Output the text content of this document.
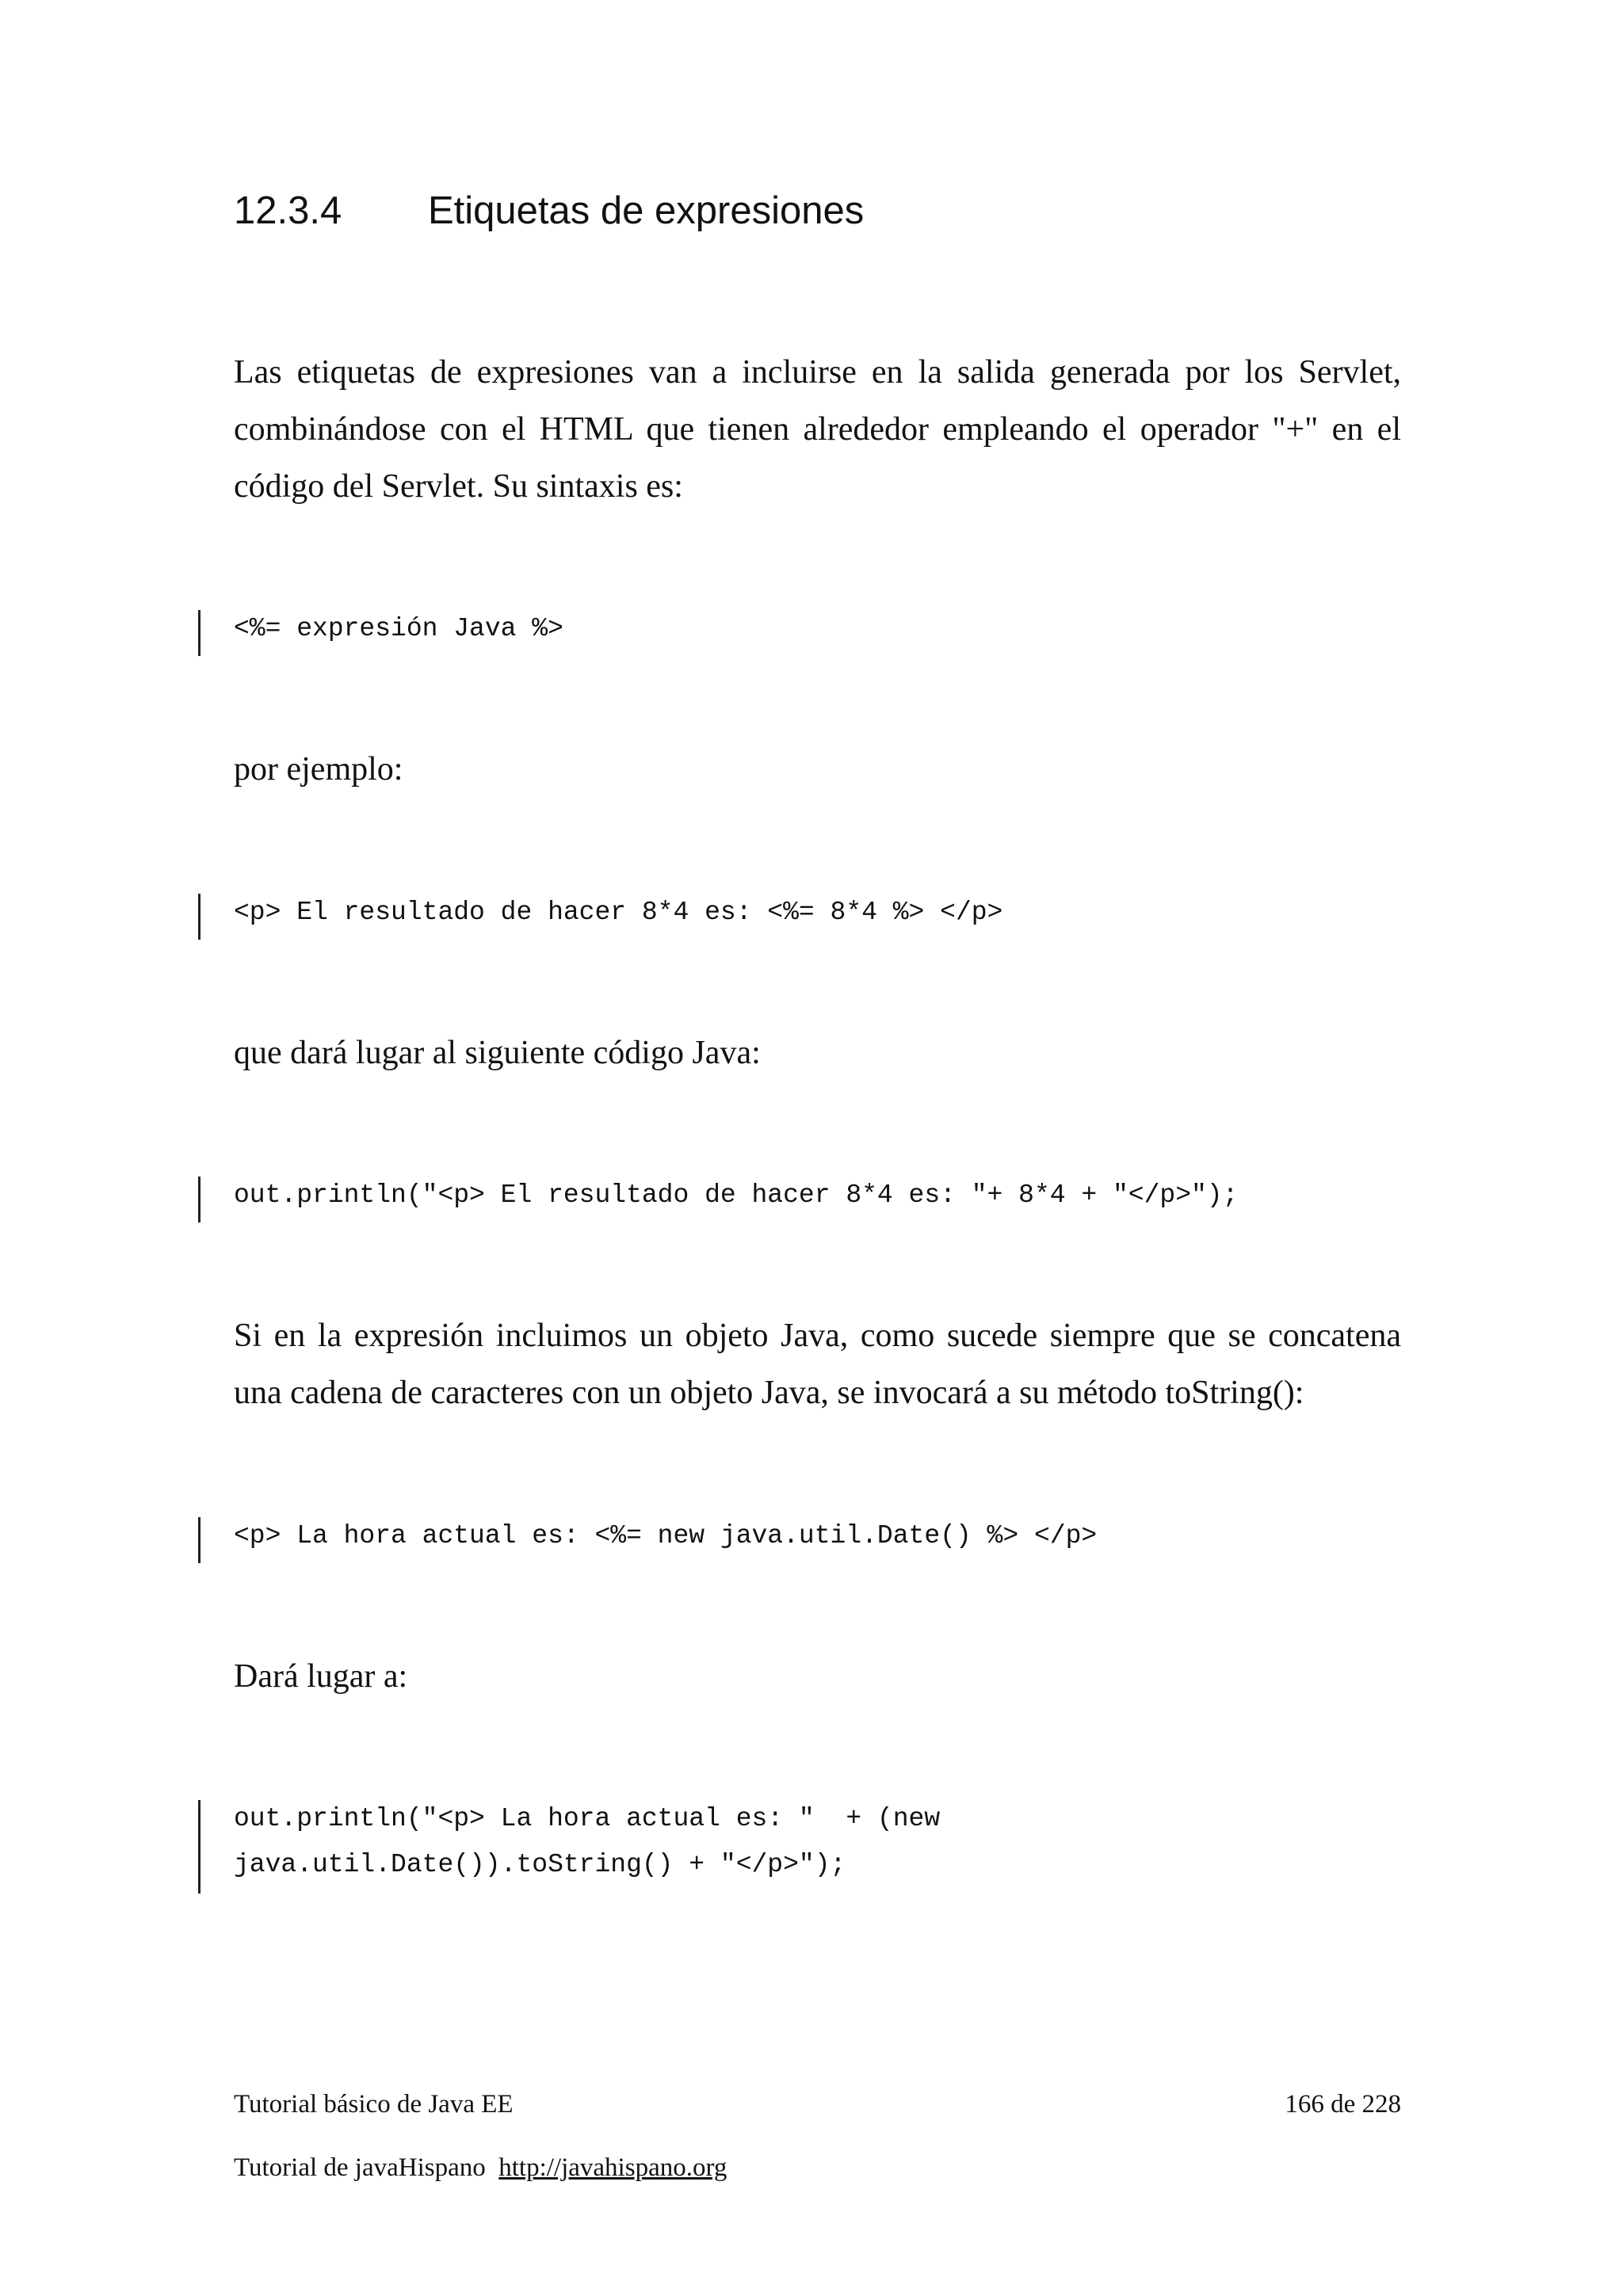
12.3.4 Etiquetas de expresiones

Las etiquetas de expresiones van a incluirse en la salida generada por los Servlet, combinándose con el HTML que tienen alrededor empleando el operador "+" en el código del Servlet. Su sintaxis es:

<%= expresión Java %>

por ejemplo:

<p> El resultado de hacer 8*4 es: <%= 8*4 %> </p>

que dará lugar al siguiente código Java:

out.println("<p> El resultado de hacer 8*4 es: "+ 8*4 + "</p>");

Si en la expresión incluimos un objeto Java, como sucede siempre que se concatena una cadena de caracteres con un objeto Java, se invocará a su método toString():

<p> La hora actual es: <%= new java.util.Date() %> </p>

Dará lugar a:

out.println("<p> La hora actual es: "  + (new
java.util.Date()).toString() + "</p>");
Tutorial básico de Java EE	166 de 228
Tutorial de javaHispano http://javahispano.org
